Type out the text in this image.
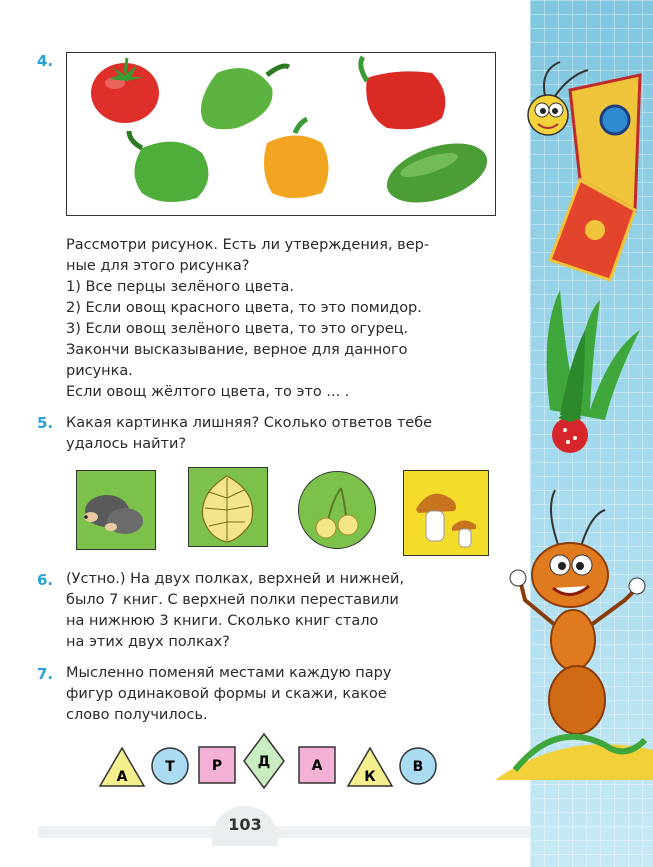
4.
Рассмотри рисунок. Есть ли утверждения, вер-
ные для этого рисунка?
1) Все перцы зелёного цвета.
2) Если овощ красного цвета, то это помидор.
3) Если овощ зелёного цвета, то это огурец.
Закончи высказывание, верное для данного
рисунка.
Если овощ жёлтого цвета, то это ... .
5. Какая картинка лишняя? Сколько ответов тебе
удалось найти?
6. (Устно.) На двух полках, верхней и нижней,
было 7 книг. С верхней полки переставили
на нижнюю 3 книги. Сколько книг стало
на этих двух полках?
7. Мысленно поменяй местами каждую пару
фигур одинаковой формы и скажи, какое
слово получилось.
А
Т	Р	Д	А
К
В
103
